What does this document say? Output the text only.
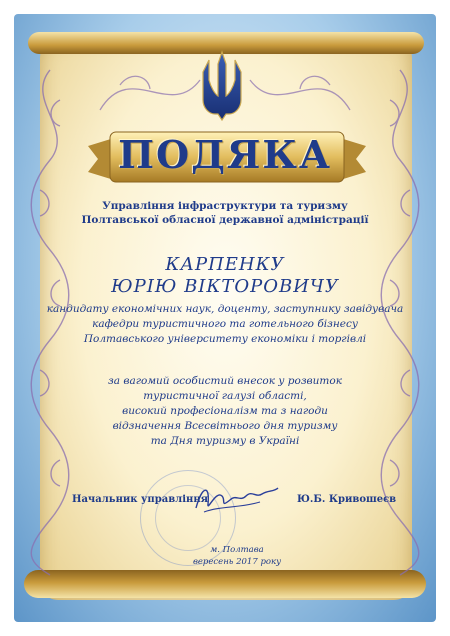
ПОДЯКА
Управління інфраструктури та туризму
Полтавської обласної державної адміністрації
КАРПЕНКУ
ЮРІЮ ВІКТОРОВИЧУ
кандидату економічних наук, доценту, заступнику завідувача
кафедри туристичного та готельного бізнесу
Полтавського університету економіки і торгівлі
за вагомий особистий внесок у розвиток
туристичної галузі області,
високий професіоналізм та з нагоди
відзначення Всесвітнього дня туризму
та Дня туризму в Україні
Начальник управління	Ю.Б. Кривошеєв
м. Полтава
вересень 2017 року
